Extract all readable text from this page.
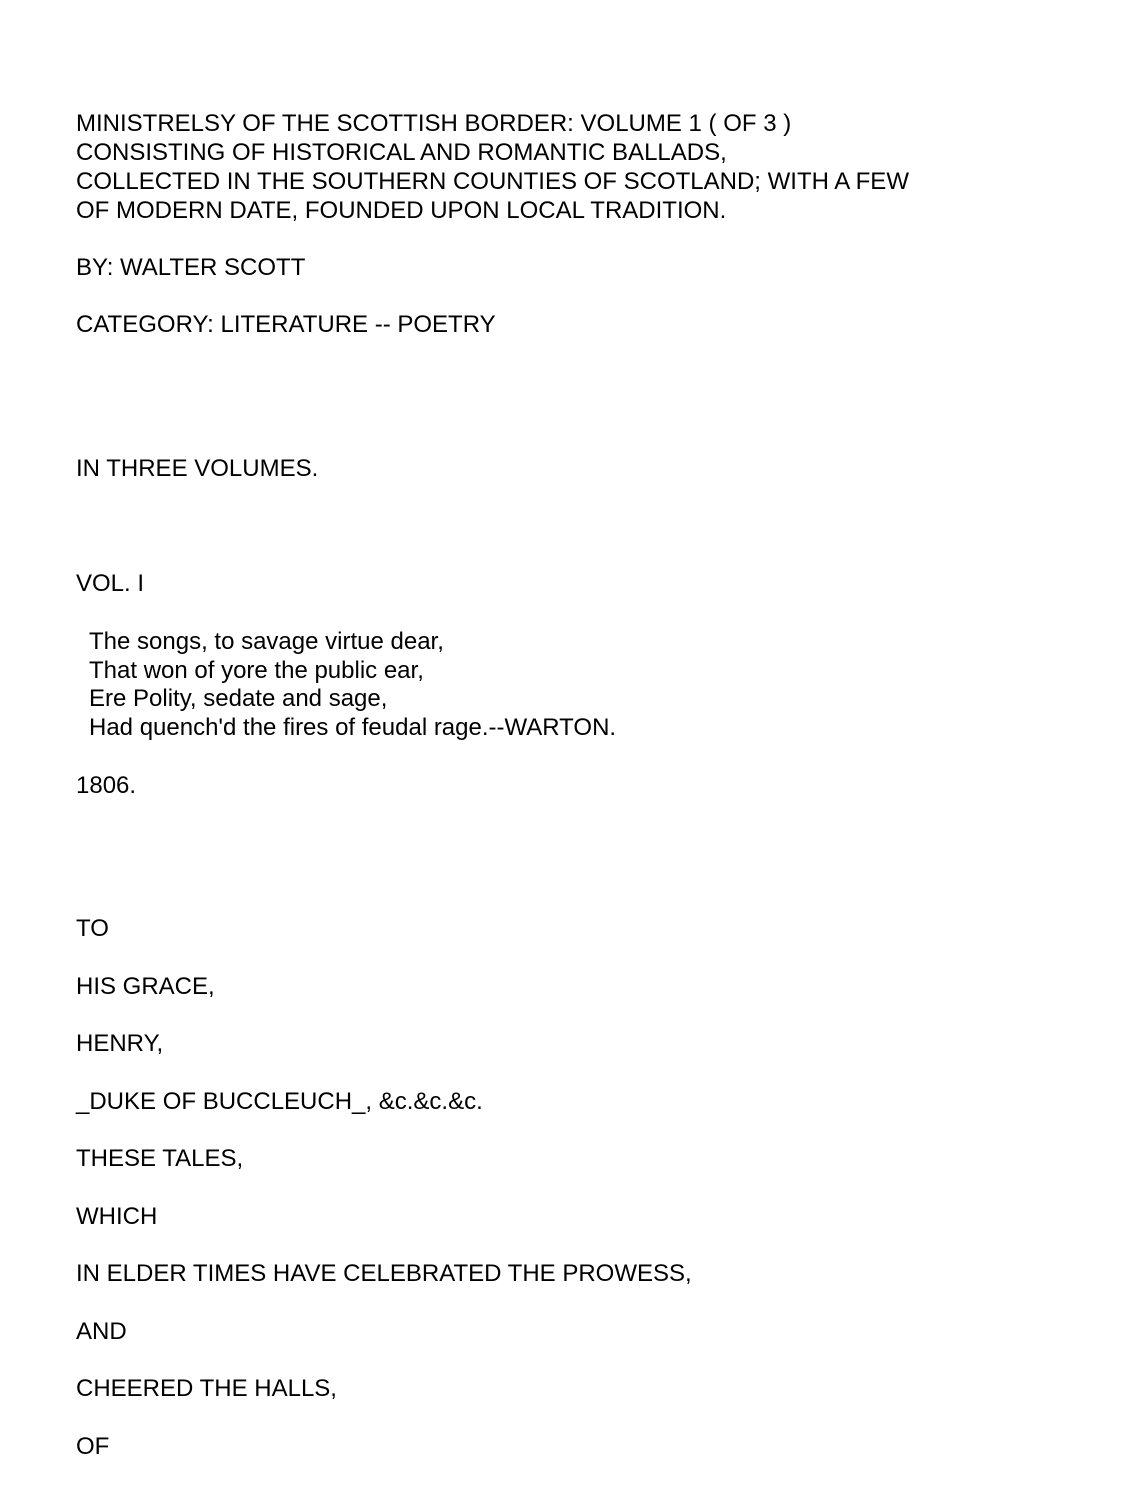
MINISTRELSY OF THE SCOTTISH BORDER: VOLUME 1 ( OF 3 )

CONSISTING OF HISTORICAL AND ROMANTIC BALLADS,

COLLECTED IN THE SOUTHERN COUNTIES OF SCOTLAND; WITH A FEW

OF MODERN DATE, FOUNDED UPON LOCAL TRADITION.

BY: WALTER SCOTT

CATEGORY: LITERATURE -- POETRY

IN THREE VOLUMES.

VOL. I

The songs, to savage virtue dear,

That won of yore the public ear,

Ere Polity, sedate and sage,

Had quench'd the fires of feudal rage.--WARTON.

1806.

TO

HIS GRACE,

HENRY,

_DUKE OF BUCCLEUCH_, &c.&c.&c.

THESE TALES,

WHICH

IN ELDER TIMES HAVE CELEBRATED THE PROWESS,

AND

CHEERED THE HALLS,

OF
